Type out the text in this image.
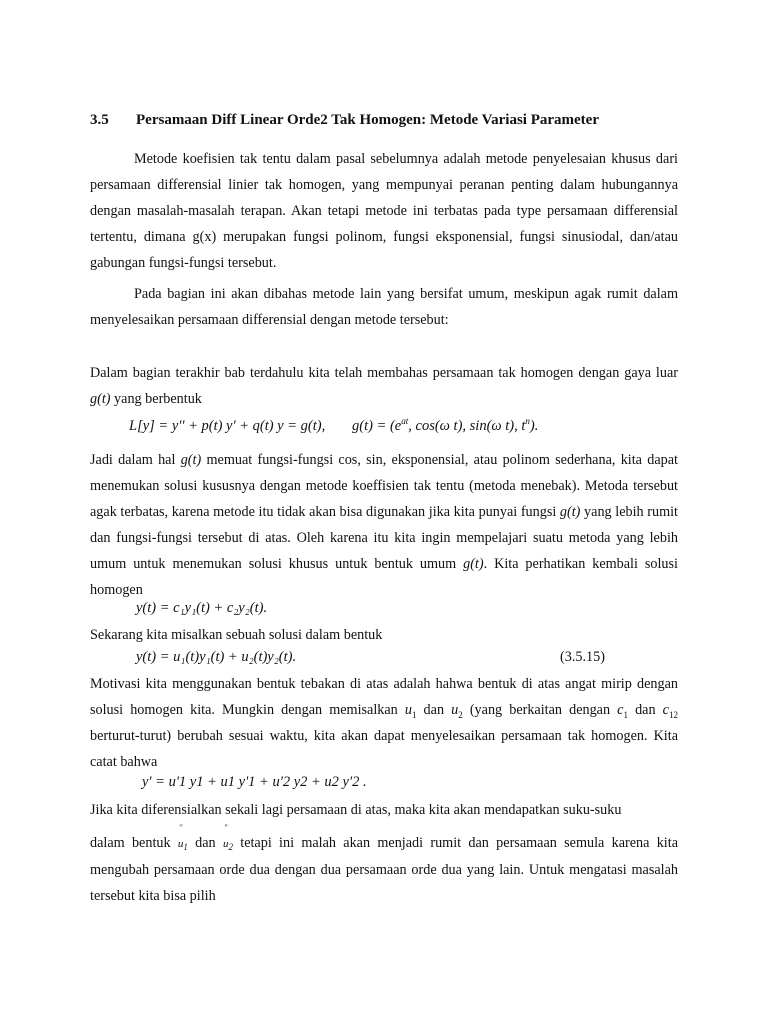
3.5 Persamaan Diff Linear Orde2 Tak Homogen: Metode Variasi Parameter
Metode koefisien tak tentu dalam pasal sebelumnya adalah metode penyelesaian khusus dari persamaan differensial linier tak homogen, yang mempunyai peranan penting dalam hubungannya dengan masalah-masalah terapan. Akan tetapi metode ini terbatas pada type persamaan differensial tertentu, dimana g(x) merupakan fungsi polinom, fungsi eksponensial, fungsi sinusiodal, dan/atau gabungan fungsi-fungsi tersebut.
Pada bagian ini akan dibahas metode lain yang bersifat umum, meskipun agak rumit dalam menyelesaikan persamaan differensial dengan metode tersebut:
Dalam bagian terakhir bab terdahulu kita telah membahas persamaan tak homogen dengan gaya luar g(t) yang berbentuk
L[y] = y'' + p(t) y' + q(t) y = g(t), $g(t) = (e^{at}$, cos(ω t), sin(ω t), $t^n$).
Jadi dalam hal g(t) memuat fungsi-fungsi cos, sin, eksponensial, atau polinom sederhana, kita dapat menemukan solusi kususnya dengan metode koeffisien tak tentu (metoda menebak). Metoda tersebut agak terbatas, karena metode itu tidak akan bisa digunakan jika kita punyai fungsi g(t) yang lebih rumit dan fungsi-fungsi tersebut di atas. Oleh karena itu kita ingin mempelajari suatu metoda yang lebih umum untuk menemukan solusi khusus untuk bentuk umum g(t). Kita perhatikan kembali solusi homogen
y(t) = c₁y₁(t) + c₂y₂(t).
Sekarang kita misalkan sebuah solusi dalam bentuk
y(t) = u₁(t)y₁(t) + u₂(t)y₂(t).	(3.5.15)
Motivasi kita menggunakan bentuk tebakan di atas adalah hahwa bentuk di atas angat mirip dengan solusi homogen kita. Mungkin dengan memisalkan $u_1$ dan $u_2$ (yang berkaitan dengan $c_1$ dan $c_{12}$ berturut-turut) berubah sesuai waktu, kita akan dapat menyelesaikan persamaan tak homogen. Kita catat bahwa
y' = u'1 y1 + u1 y'1 + u'2 y2 + u2 y'2 .
Jika kita diferensialkan sekali lagi persamaan di atas, maka kita akan mendapatkan suku-suku
dalam bentuk
''
$u_1$ dan
''
$u_2$ tetapi ini malah akan menjadi rumit dan persamaan semula karena kita mengubah persamaan orde dua dengan dua persamaan orde dua yang lain. Untuk mengatasi masalah tersebut kita bisa pilih
